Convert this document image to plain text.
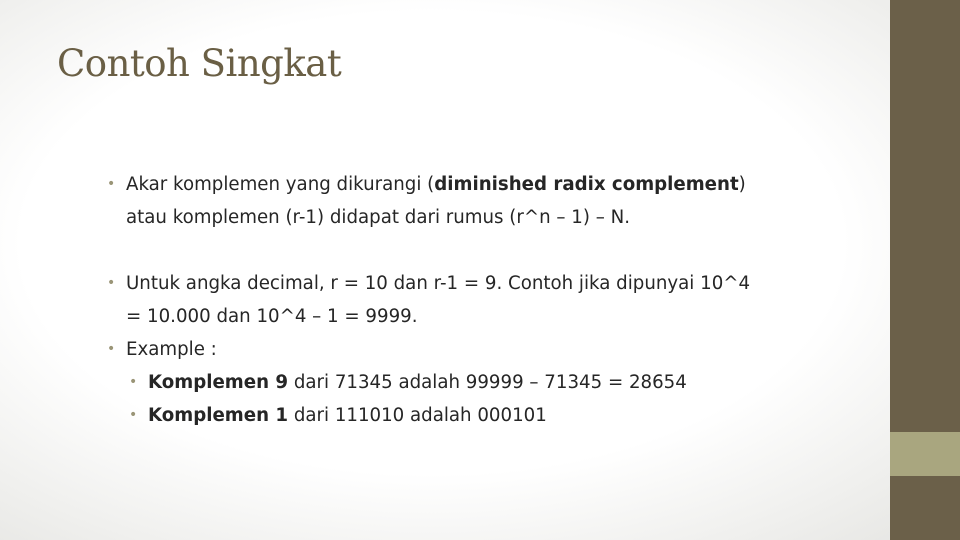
Contoh Singkat

• Akar komplemen yang dikurangi (diminished radix complement) atau komplemen (r-1) didapat dari rumus (r^n – 1) – N.

• Untuk angka decimal, r = 10 dan r-1 = 9. Contoh jika dipunyai 10^4 = 10.000 dan 10^4 – 1 = 9999.

• Example :

• Komplemen 9 dari 71345 adalah 99999 – 71345 = 28654

• Komplemen 1 dari 111010 adalah 000101
